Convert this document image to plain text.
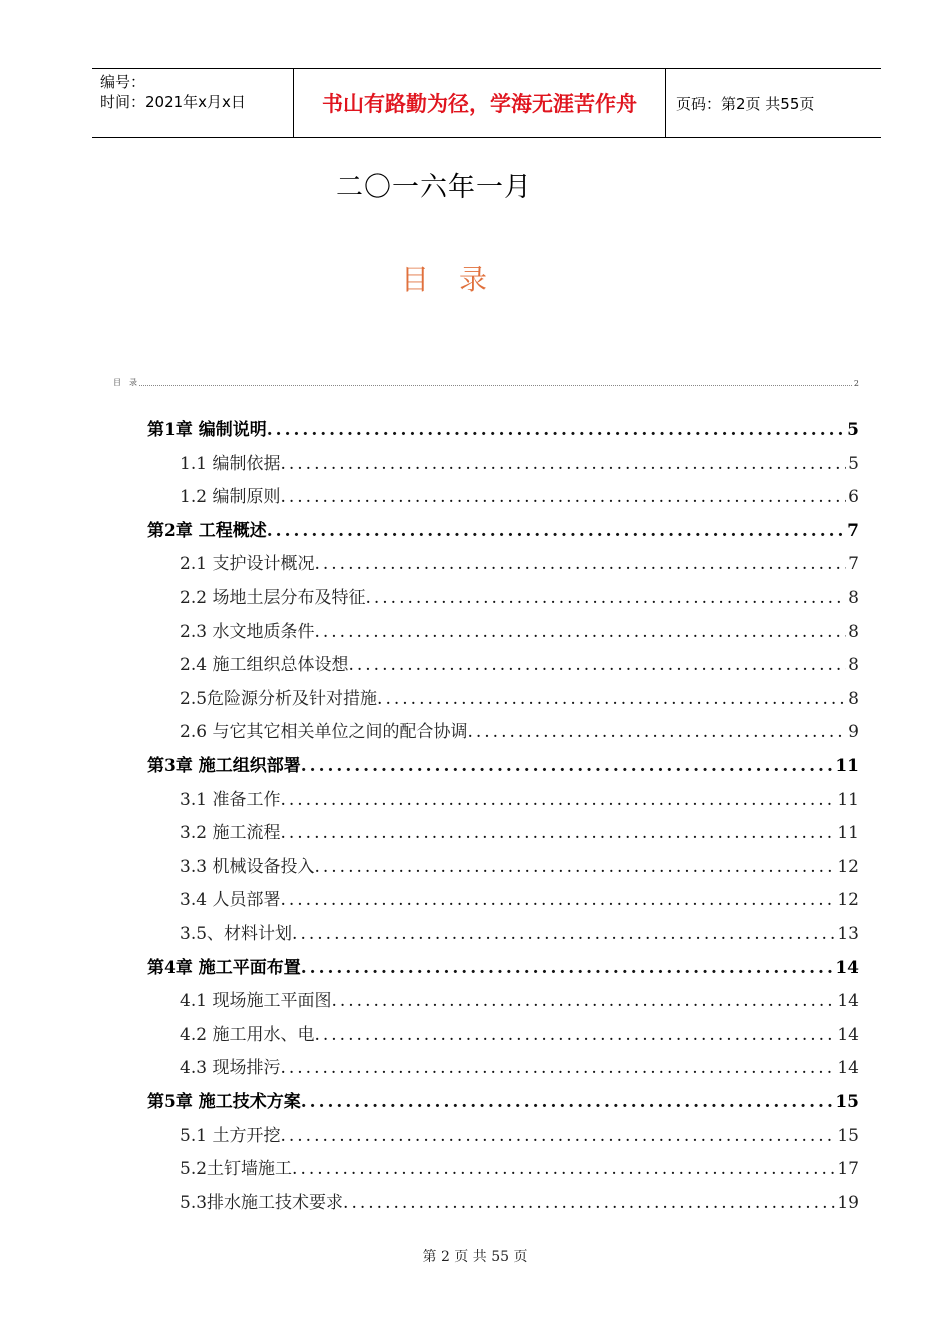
编号：
时间：2021年x月x日	书山有路勤为径，学海无涯苦作舟	页码：第2页 共55页
二〇一六年一月
目录
目　录	2
第1章 编制说明 .....	5
1.1 编制依据 .....	5
1.2 编制原则 .....	6
第2章 工程概述 .....	7
2.1 支护设计概况 .....	7
2.2 场地土层分布及特征 .....	8
2.3 水文地质条件 .....	8
2.4 施工组织总体设想 .....	8
2.5危险源分析及针对措施 .....	8
2.6 与它其它相关单位之间的配合协调 .....	9
第3章 施工组织部署 .....	11
3.1 准备工作 .....	11
3.2 施工流程 .....	11
3.3 机械设备投入 .....	12
3.4 人员部署 .....	12
3.5、材料计划 .....	13
第4章 施工平面布置 .....	14
4.1 现场施工平面图 .....	14
4.2 施工用水、电 .....	14
4.3 现场排污 .....	14
第5章 施工技术方案 .....	15
5.1 土方开挖 .....	15
5.2土钉墙施工 .....	17
5.3排水施工技术要求 .....	19
第 2 页 共 55 页
